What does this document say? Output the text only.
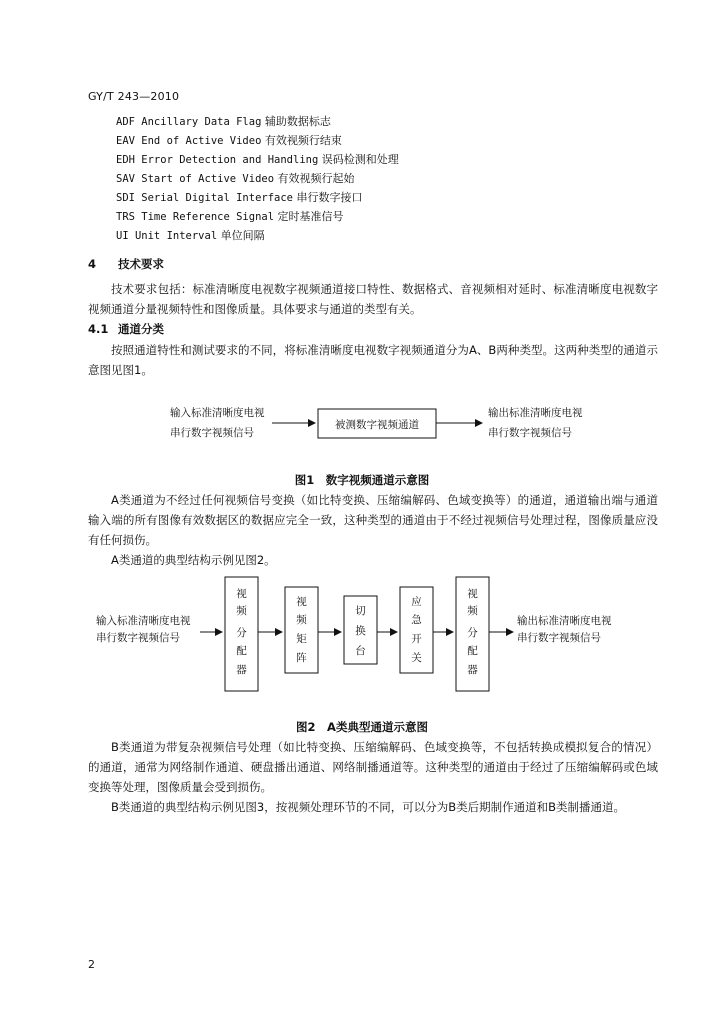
GY/T 243—2010
ADF Ancillary Data Flag 辅助数据标志
EAV End of Active Video 有效视频行结束
EDH Error Detection and Handling 误码检测和处理
SAV Start of Active Video 有效视频行起始
SDI Serial Digital Interface 串行数字接口
TRS Time Reference Signal 定时基准信号
UI Unit Interval 单位间隔
4 技术要求

技术要求包括：标准清晰度电视数字视频通道接口特性、数据格式、音视频相对延时、标准清晰度电视数字视频通道分量视频特性和图像质量。具体要求与通道的类型有关。

4.1 通道分类

按照通道特性和测试要求的不同，将标准清晰度电视数字视频通道分为A、B两种类型。这两种类型的通道示意图见图1。

输入标准清晰度电视
串行数字视频信号
被测数字视频通道
输出标准清晰度电视
串行数字视频信号
输入标准清晰度电视
串行数字视频信号
视
频
分
配
器
视
频
矩
阵
切
换
台
应
急
开
关
视
频
分
配
器
输出标准清晰度电视
串行数字视频信号
图1　数字视频通道示意图

A类通道为不经过任何视频信号变换（如比特变换、压缩编解码、色域变换等）的通道，通道输出端与通道输入端的所有图像有效数据区的数据应完全一致，这种类型的通道由于不经过视频信号处理过程，图像质量应没有任何损伤。

A类通道的典型结构示例见图2。

图2　A类典型通道示意图

B类通道为带复杂视频信号处理（如比特变换、压缩编解码、色域变换等，不包括转换成模拟复合的情况）的通道，通常为网络制作通道、硬盘播出通道、网络制播通道等。这种类型的通道由于经过了压缩编解码或色域变换等处理，图像质量会受到损伤。

B类通道的典型结构示例见图3，按视频处理环节的不同，可以分为B类后期制作通道和B类制播通道。

2
